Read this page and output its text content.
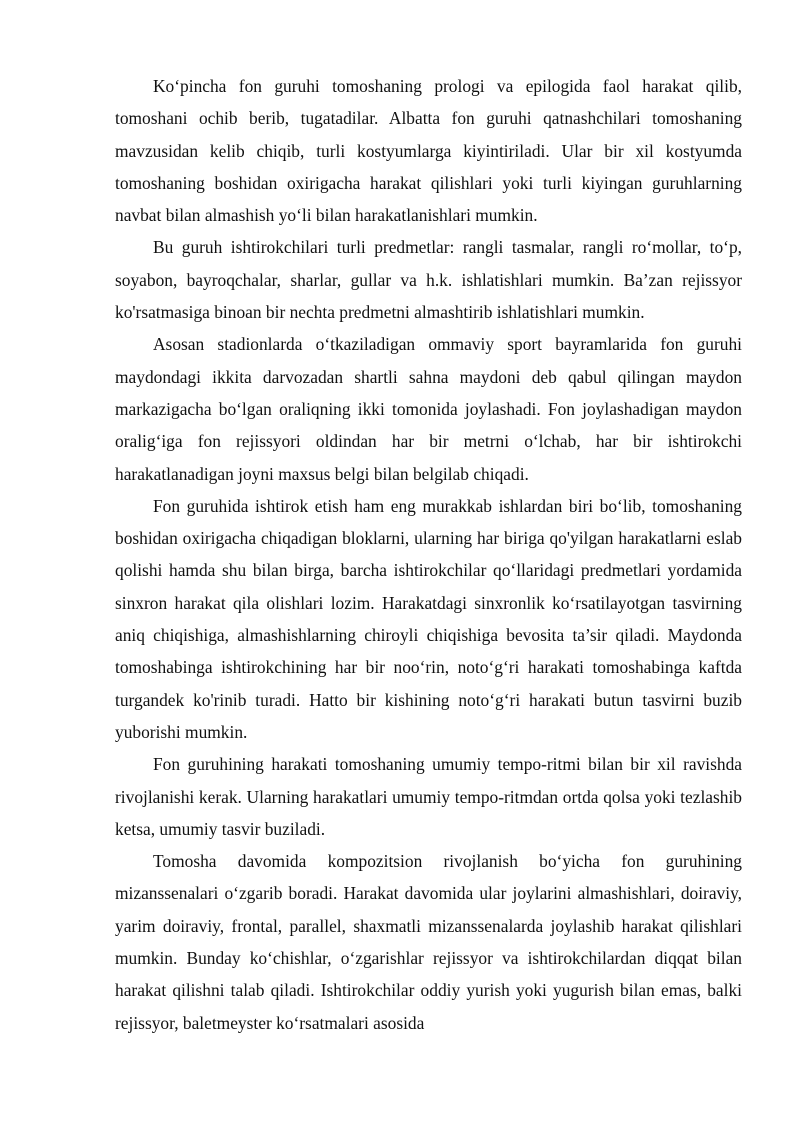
Ko‘pincha fon guruhi tomoshaning prologi va epilogida faol harakat qilib, tomoshani ochib berib, tugatadilar. Albatta fon guruhi qatnashchilari tomoshaning mavzusidan kelib chiqib, turli kostyumlarga kiyintiriladi. Ular bir xil kostyumda tomoshaning boshidan oxirigacha harakat qilishlari yoki turli kiyingan guruhlarning navbat bilan almashish yo‘li bilan harakatlanishlari mumkin.

Bu guruh ishtirokchilari turli predmetlar: rangli tasmalar, rangli ro‘mollar, to‘p, soyabon, bayroqchalar, sharlar, gullar va h.k. ishlatishlari mumkin. Ba’zan rejissyor ko'rsatmasiga binoan bir nechta predmetni almashtirib ishlatishlari mumkin.

Asosan stadionlarda o‘tkaziladigan ommaviy sport bayramlarida fon guruhi maydondagi ikkita darvozadan shartli sahna maydoni deb qabul qilingan maydon markazigacha bo‘lgan oraliqning ikki tomonida joylashadi. Fon joylashadigan maydon oralig‘iga fon rejissyori oldindan har bir metrni o‘lchab, har bir ishtirokchi harakatlanadigan joyni maxsus belgi bilan belgilab chiqadi.

Fon guruhida ishtirok etish ham eng murakkab ishlardan biri bo‘lib, tomoshaning boshidan oxirigacha chiqadigan bloklarni, ularning har biriga qo'yilgan harakatlarni eslab qolishi hamda shu bilan birga, barcha ishtirokchilar qo‘llaridagi predmetlari yordamida sinxron harakat qila olishlari lozim. Harakatdagi sinxronlik ko‘rsatilayotgan tasvirning aniq chiqishiga, almashishlarning chiroyli chiqishiga bevosita ta’sir qiladi. Maydonda tomoshabinga ishtirokchining har bir noo‘rin, noto‘g‘ri harakati tomoshabinga kaftda turgandek ko'rinib turadi. Hatto bir kishining noto‘g‘ri harakati butun tasvirni buzib yuborishi mumkin.

Fon guruhining harakati tomoshaning umumiy tempo-ritmi bilan bir xil ravishda rivojlanishi kerak. Ularning harakatlari umumiy tempo-ritmdan ortda qolsa yoki tezlashib ketsa, umumiy tasvir buziladi.

Tomosha davomida kompozitsion rivojlanish bo‘yicha fon guruhining mizanssenalari o‘zgarib boradi. Harakat davomida ular joylarini almashishlari, doiraviy, yarim doiraviy, frontal, parallel, shaxmatli mizanssenalarda joylashib harakat qilishlari mumkin. Bunday ko‘chishlar, o‘zgarishlar rejissyor va ishtirokchilardan diqqat bilan harakat qilishni talab qiladi. Ishtirokchilar oddiy yurish yoki yugurish bilan emas, balki rejissyor, baletmeyster ko‘rsatmalari asosida
